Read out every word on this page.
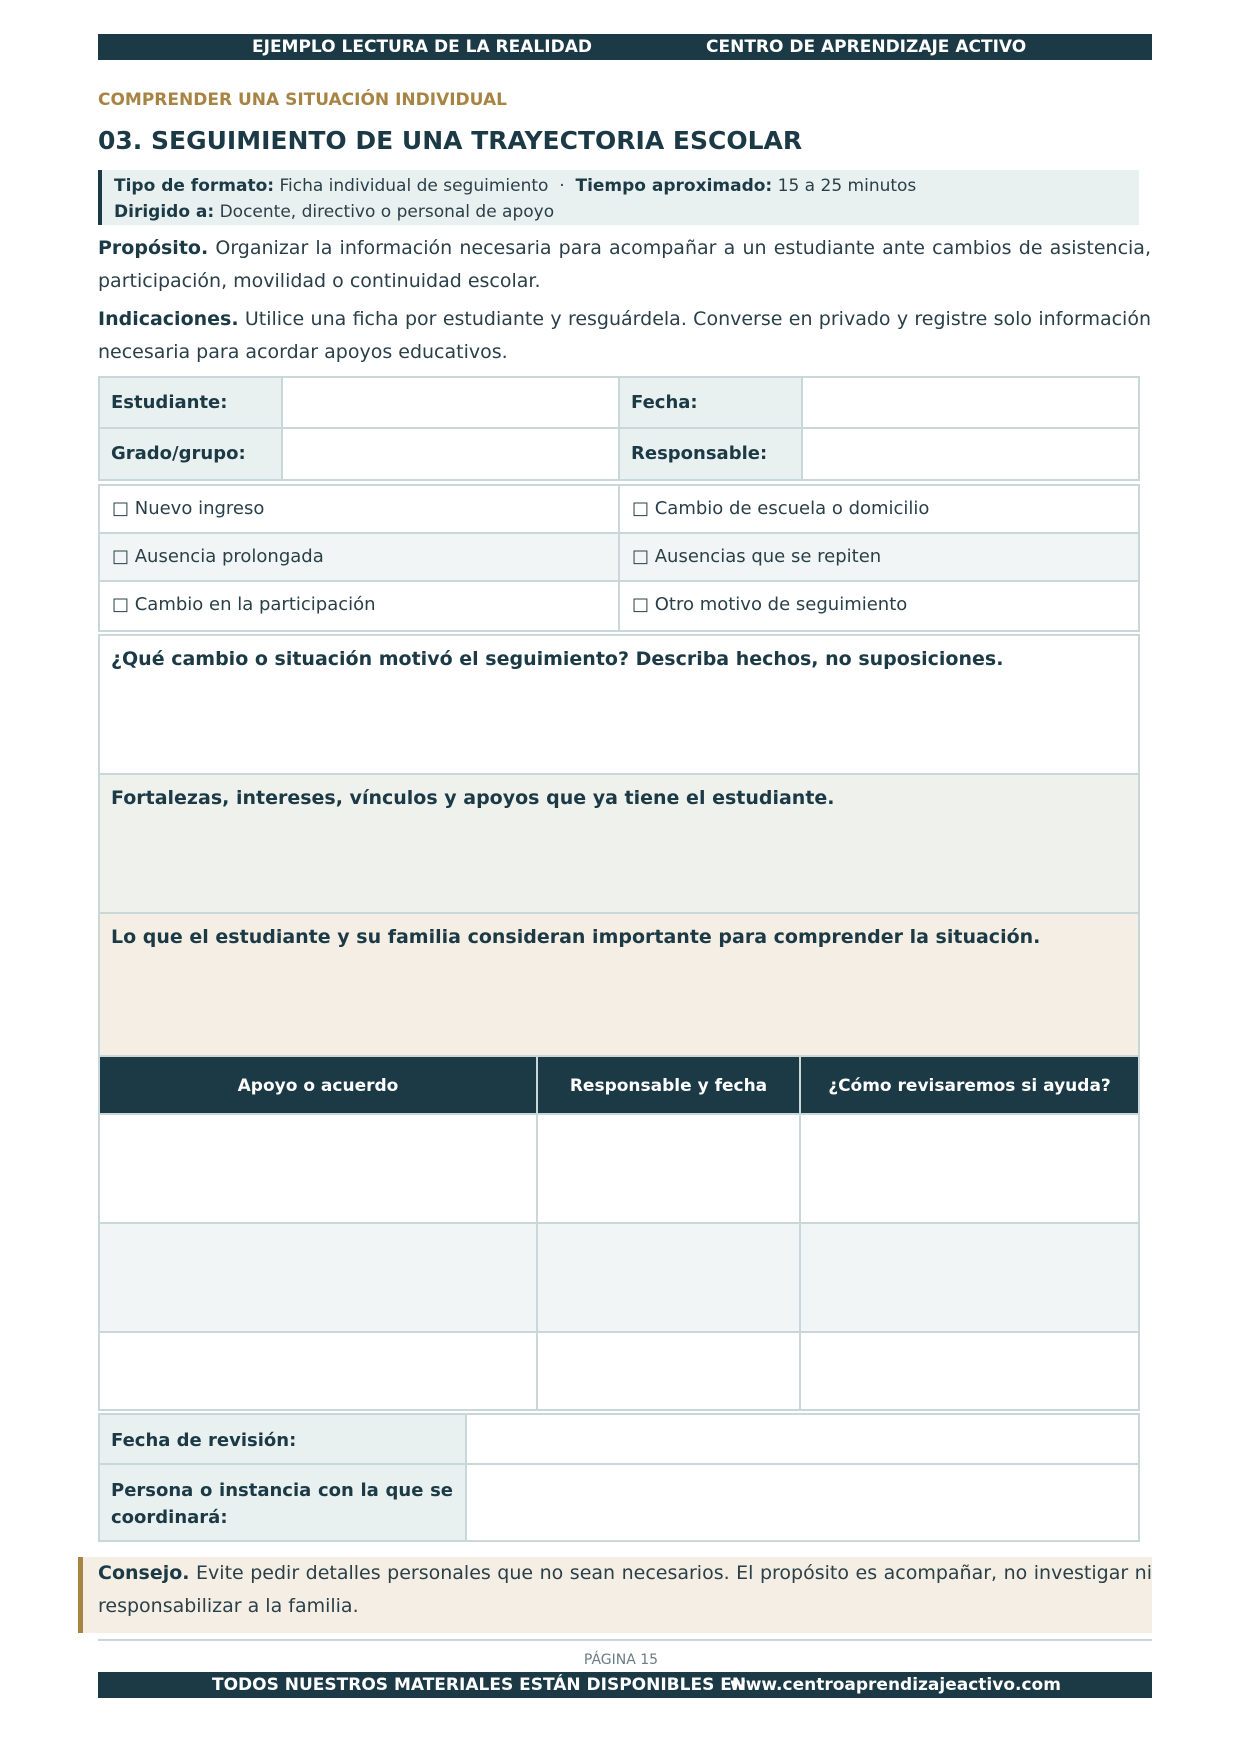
EJEMPLO LECTURA DE LA REALIDAD	CENTRO DE APRENDIZAJE ACTIVO
COMPRENDER UNA SITUACIÓN INDIVIDUAL
03. SEGUIMIENTO DE UNA TRAYECTORIA ESCOLAR
Tipo de formato: Ficha individual de seguimiento · Tiempo aproximado: 15 a 25 minutos
Dirigido a: Docente, directivo o personal de apoyo
Propósito. Organizar la información necesaria para acompañar a un estudiante ante cambios de asistencia, participación, movilidad o continuidad escolar.
Indicaciones. Utilice una ficha por estudiante y resguárdela. Converse en privado y registre solo información necesaria para acordar apoyos educativos.
Estudiante:	Fecha:
Grado/grupo:	Responsable:
□ Nuevo ingreso	□ Cambio de escuela o domicilio
□ Ausencia prolongada	□ Ausencias que se repiten
□ Cambio en la participación	□ Otro motivo de seguimiento
¿Qué cambio o situación motivó el seguimiento? Describa hechos, no suposiciones.
Fortalezas, intereses, vínculos y apoyos que ya tiene el estudiante.
Lo que el estudiante y su familia consideran importante para comprender la situación.
Apoyo o acuerdo	Responsable y fecha	¿Cómo revisaremos si ayuda?
Fecha de revisión:
Persona o instancia con la que se coordinará:
Consejo. Evite pedir detalles personales que no sean necesarios. El propósito es acompañar, no investigar ni responsabilizar a la familia.
PÁGINA 15
TODOS NUESTROS MATERIALES ESTÁN DISPONIBLES EN
www.centroaprendizajeactivo.com
